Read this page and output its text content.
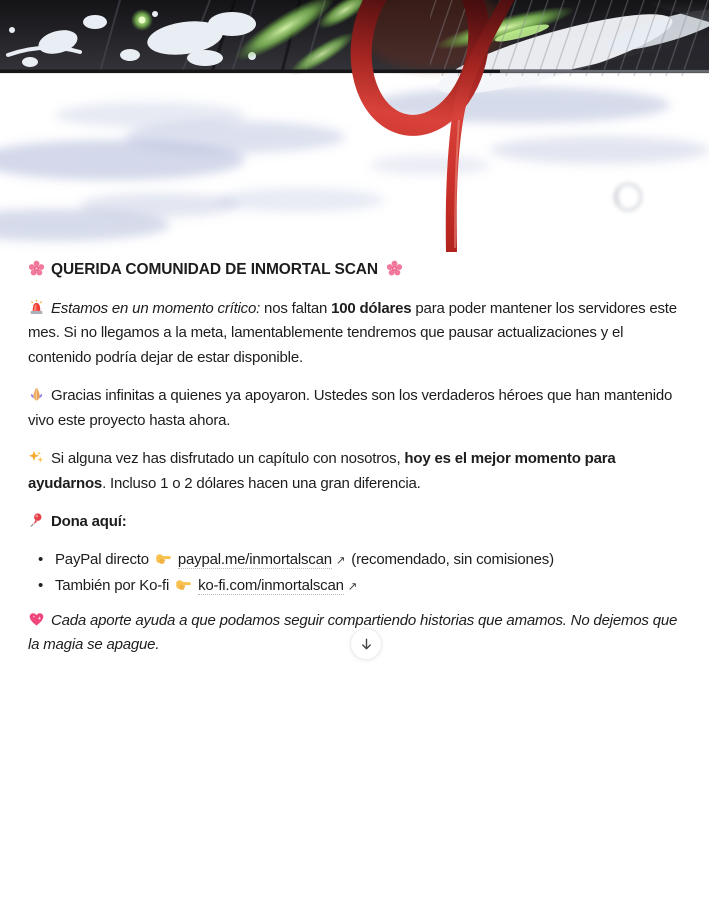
QUERIDA COMUNIDAD DE INMORTAL SCAN

Estamos en un momento crítico: nos faltan 100 dólares para poder mantener los servidores este mes. Si no llegamos a la meta, lamentablemente tendremos que pausar actualizaciones y el contenido podría dejar de estar disponible.

Gracias infinitas a quienes ya apoyaron. Ustedes son los verdaderos héroes que han mantenido vivo este proyecto hasta ahora.

Si alguna vez has disfrutado un capítulo con nosotros, hoy es el mejor momento para ayudarnos. Incluso 1 o 2 dólares hacen una gran diferencia.

Dona aquí:

• PayPal directo  paypal.me/inmortalscan ↗ (recomendado, sin comisiones)
• También por Ko-fi  ko-fi.com/inmortalscan ↗

Cada aporte ayuda a que podamos seguir compartiendo historias que amamos. No dejemos que la magia se apague.
